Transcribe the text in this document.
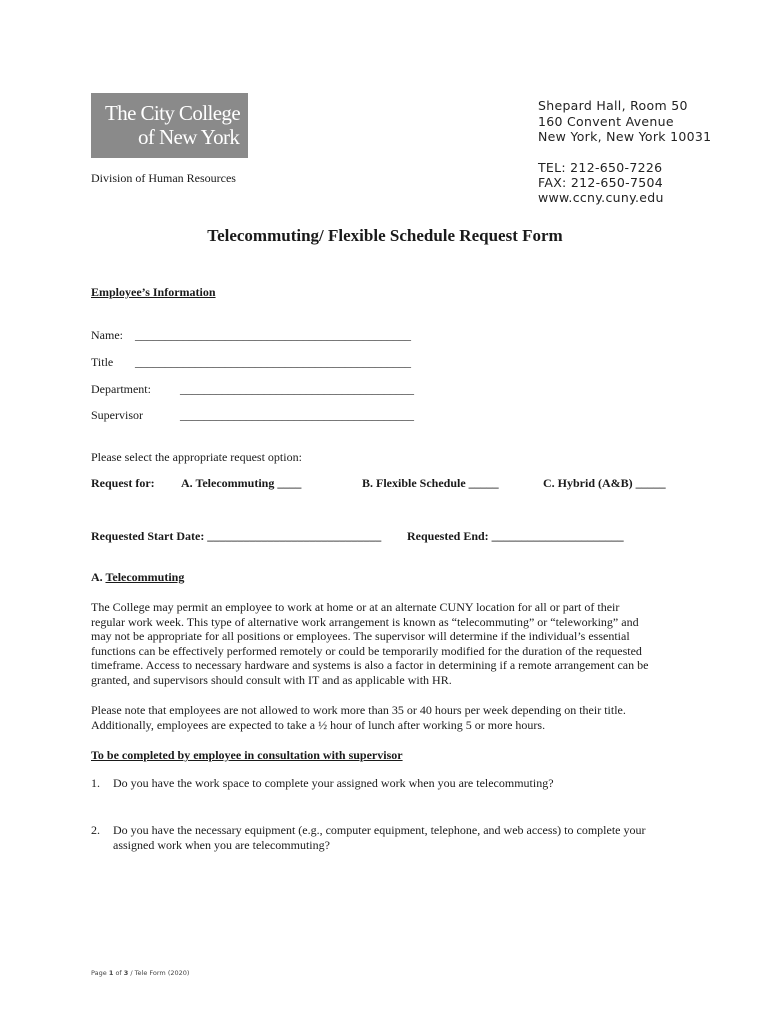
The City College
of New York
Division of Human Resources
Shepard Hall, Room 50
160 Convent Avenue
New York, New York 10031
TEL: 212-650-7226
FAX: 212-650-7504
www.ccny.cuny.edu
Telecommuting/ Flexible Schedule Request Form
Employee’s Information
Name: ______________________________________________
Title ______________________________________________
Department: _______________________________________
Supervisor	_______________________________________
Please select the appropriate request option:
Request for: A. Telecommuting ____	B. Flexible Schedule _____	C. Hybrid (A&B) _____
Requested Start Date: _____________________________ Requested End: ______________________
A. Telecommuting
The College may permit an employee to work at home or at an alternate CUNY location for all or part of their
regular work week. This type of alternative work arrangement is known as “telecommuting” or “teleworking” and
may not be appropriate for all positions or employees. The supervisor will determine if the individual’s essential
functions can be effectively performed remotely or could be temporarily modified for the duration of the requested
timeframe. Access to necessary hardware and systems is also a factor in determining if a remote arrangement can be
granted, and supervisors should consult with IT and as applicable with HR.
Please note that employees are not allowed to work more than 35 or 40 hours per week depending on their title.
Additionally, employees are expected to take a ½ hour of lunch after working 5 or more hours.
To be completed by employee in consultation with supervisor
1. Do you have the work space to complete your assigned work when you are telecommuting?
2. Do you have the necessary equipment (e.g., computer equipment, telephone, and web access) to complete your
assigned work when you are telecommuting?
Page 1 of 3 / Tele Form (2020)
